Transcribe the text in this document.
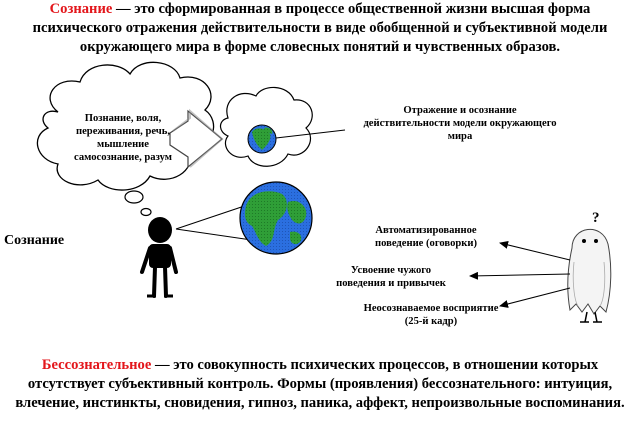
Сознание — это сформированная в процессе общественной жизни высшая форма психического отражения действительности в виде обобщенной и субъективной модели окружающего мира в форме словесных понятий и чувственных образов.

Познание, воля,
переживания, речь,
мышление
самосознание, разум
Отражение и осознание
действительности модели окружающего
мира
Сознание
?
Автоматизированное
поведение (оговорки)
Усвоение чужого
поведения и привычек
Неосознаваемое восприятие
(25-й кадр)

Бессознательное — это совокупность психических процессов, в отношении которых отсутствует субъективный контроль. Формы (проявления) бессознательного: интуиция, влечение, инстинкты, сновидения, гипноз, паника, аффект, непроизвольные воспоминания.
